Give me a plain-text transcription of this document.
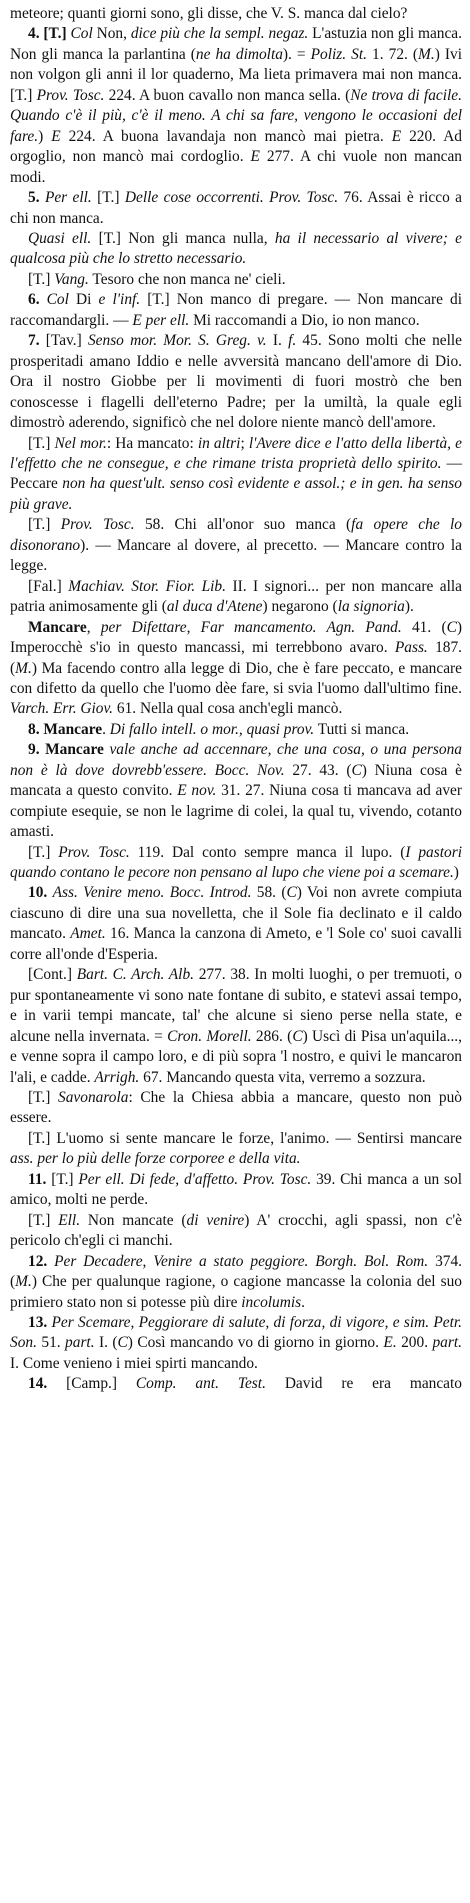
meteore; quanti giorni sono, gli disse, che V. S. manca dal cielo?

4. [T.] Col Non, dice più che la sempl. negaz. L'astuzia non gli manca. Non gli manca la parlantina (ne ha dimolta). = Poliz. St. 1. 72. (M.) Ivi non volgon gli anni il lor quaderno, Ma lieta primavera mai non manca. [T.] Prov. Tosc. 224. A buon cavallo non manca sella. (Ne trova di facile. Quando c'è il più, c'è il meno. A chi sa fare, vengono le occasioni del fare.) E 224. A buona lavandaja non mancò mai pietra. E 220. Ad orgoglio, non mancò mai cordoglio. E 277. A chi vuole non mancan modi.

5. Per ell. [T.] Delle cose occorrenti. Prov. Tosc. 76. Assai è ricco a chi non manca.

Quasi ell. [T.] Non gli manca nulla, ha il necessario al vivere; e qualcosa più che lo stretto necessario.

[T.] Vang. Tesoro che non manca ne' cieli.

6. Col Di e l'inf. [T.] Non manco di pregare. — Non mancare di raccomandargli. — E per ell. Mi raccomandi a Dio, io non manco.

7. [Tav.] Senso mor. Mor. S. Greg. v. I. f. 45. Sono molti che nelle prosperitadi amano Iddio e nelle avversità mancano dell'amore di Dio. Ora il nostro Giobbe per li movimenti di fuori mostrò che ben conoscesse i flagelli dell'eterno Padre; per la umiltà, la quale egli dimostrò aderendo, significò che nel dolore niente mancò dell'amore.

[T.] Nel mor.: Ha mancato: in altri; l'Avere dice e l'atto della libertà, e l'effetto che ne consegue, e che rimane trista proprietà dello spirito. — Peccare non ha quest'ult. senso così evidente e assol.; e in gen. ha senso più grave.

[T.] Prov. Tosc. 58. Chi all'onor suo manca (fa opere che lo disonorano). — Mancare al dovere, al precetto. — Mancare contro la legge.

[Fal.] Machiav. Stor. Fior. Lib. II. I signori... per non mancare alla patria animosamente gli (al duca d'Atene) negarono (la signoria).

Mancare, per Difettare, Far mancamento. Agn. Pand. 41. (C) Imperocchè s'io in questo mancassi, mi terrebbono avaro. Pass. 187. (M.) Ma facendo contro alla legge di Dio, che è fare peccato, e mancare con difetto da quello che l'uomo dèe fare, si svia l'uomo dall'ultimo fine. Varch. Err. Giov. 61. Nella qual cosa anch'egli mancò.

8. Mancare. Di fallo intell. o mor., quasi prov. Tutti si manca.

9. Mancare vale anche ad accennare, che una cosa, o una persona non è là dove dovrebb'essere. Bocc. Nov. 27. 43. (C) Niuna cosa è mancata a questo convito. E nov. 31. 27. Niuna cosa ti mancava ad aver compiute esequie, se non le lagrime di colei, la qual tu, vivendo, cotanto amasti.

[T.] Prov. Tosc. 119. Dal conto sempre manca il lupo. (I pastori quando contano le pecore non pensano al lupo che viene poi a scemare.)

10. Ass. Venire meno. Bocc. Introd. 58. (C) Voi non avrete compiuta ciascuno di dire una sua novelletta, che il Sole fia declinato e il caldo mancato. Amet. 16. Manca la canzona di Ameto, e 'l Sole co' suoi cavalli corre all'onde d'Esperia.

[Cont.] Bart. C. Arch. Alb. 277. 38. In molti luoghi, o per tremuoti, o pur spontaneamente vi sono nate fontane di subito, e statevi assai tempo, e in varii tempi mancate, tal' che alcune si sieno perse nella state, e alcune nella invernata. = Cron. Morell. 286. (C) Uscì di Pisa un'aquila..., e venne sopra il campo loro, e di più sopra 'l nostro, e quivi le mancaron l'ali, e cadde. Arrigh. 67. Mancando questa vita, verremo a sozzura.

[T.] Savonarola: Che la Chiesa abbia a mancare, questo non può essere.

[T.] L'uomo si sente mancare le forze, l'animo. — Sentirsi mancare ass. per lo più delle forze corporee e della vita.

11. [T.] Per ell. Di fede, d'affetto. Prov. Tosc. 39. Chi manca a un sol amico, molti ne perde.

[T.] Ell. Non mancate (di venire) A' crocchi, agli spassi, non c'è pericolo ch'egli ci manchi.

12. Per Decadere, Venire a stato peggiore. Borgh. Bol. Rom. 374. (M.) Che per qualunque ragione, o cagione mancasse la colonia del suo primiero stato non si potesse più dire incolumis.

13. Per Scemare, Peggiorare di salute, di forza, di vigore, e sim. Petr. Son. 51. part. I. (C) Così mancando vo di giorno in giorno. E. 200. part. I. Come venieno i miei spirti mancando.

14. [Camp.] Comp. ant. Test. David re era mancato
